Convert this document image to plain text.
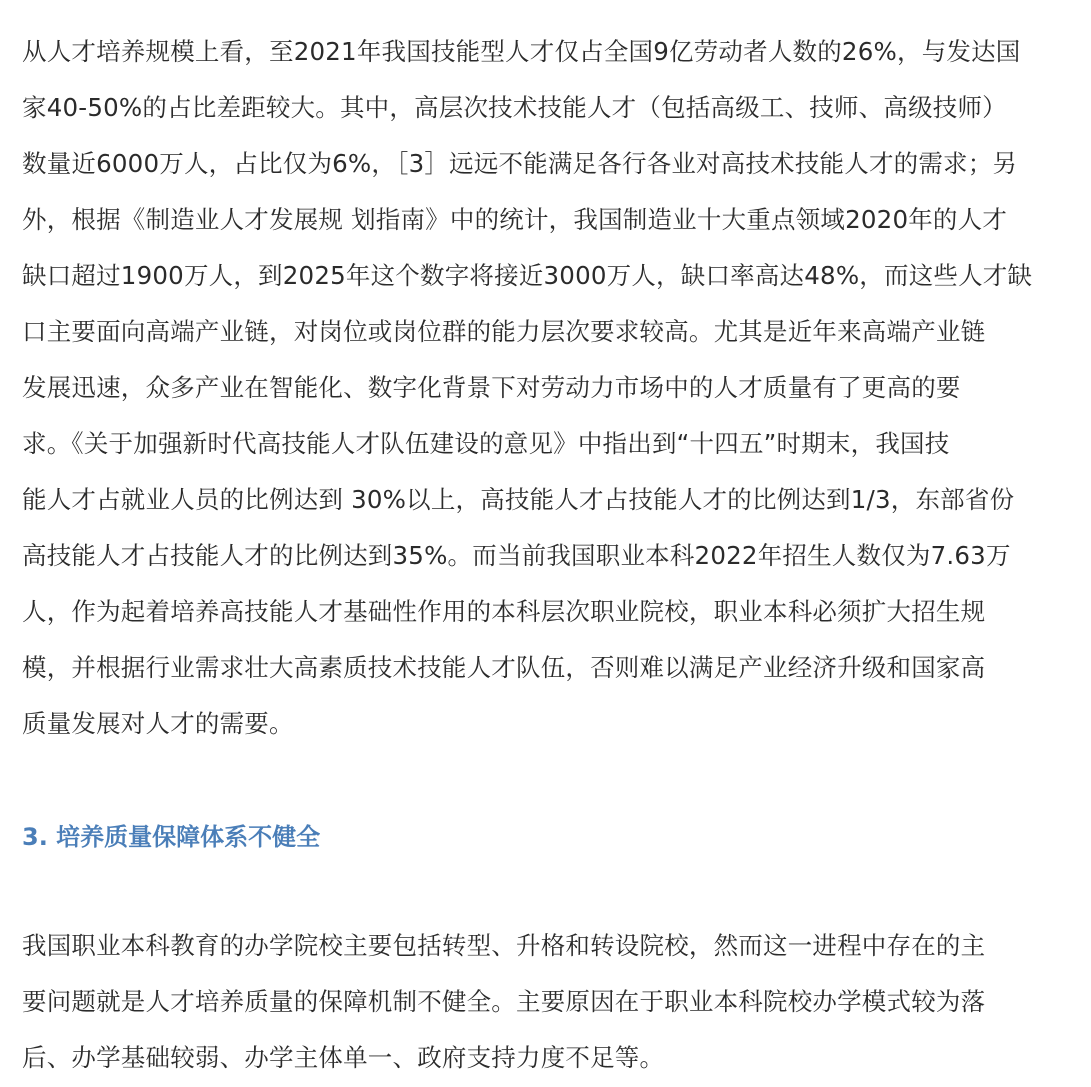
从人才培养规模上看，至2021年我国技能型人才仅占全国9亿劳动者人数的26%，与发达国
家40-50%的占比差距较大。其中，高层次技术技能人才（包括高级工、技师、高级技师）
数量近6000万人，占比仅为6%，［3］远远不能满足各行各业对高技术技能人才的需求；另
外，根据《制造业人才发展规 划指南》中的统计，我国制造业十大重点领域2020年的人才
缺口超过1900万人，到2025年这个数字将接近3000万人，缺口率高达48%，而这些人才缺
口主要面向高端产业链，对岗位或岗位群的能力层次要求较高。尤其是近年来高端产业链
发展迅速，众多产业在智能化、数字化背景下对劳动力市场中的人才质量有了更高的要
求。《关于加强新时代高技能人才队伍建设的意见》中指出到“十四五”时期末，我国技
能人才占就业人员的比例达到 30%以上，高技能人才占技能人才的比例达到1/3，东部省份
高技能人才占技能人才的比例达到35%。而当前我国职业本科2022年招生人数仅为7.63万
人，作为起着培养高技能人才基础性作用的本科层次职业院校，职业本科必须扩大招生规
模，并根据行业需求壮大高素质技术技能人才队伍，否则难以满足产业经济升级和国家高
质量发展对人才的需要。
3. 培养质量保障体系不健全
我国职业本科教育的办学院校主要包括转型、升格和转设院校，然而这一进程中存在的主
要问题就是人才培养质量的保障机制不健全。主要原因在于职业本科院校办学模式较为落
后、办学基础较弱、办学主体单一、政府支持力度不足等。
